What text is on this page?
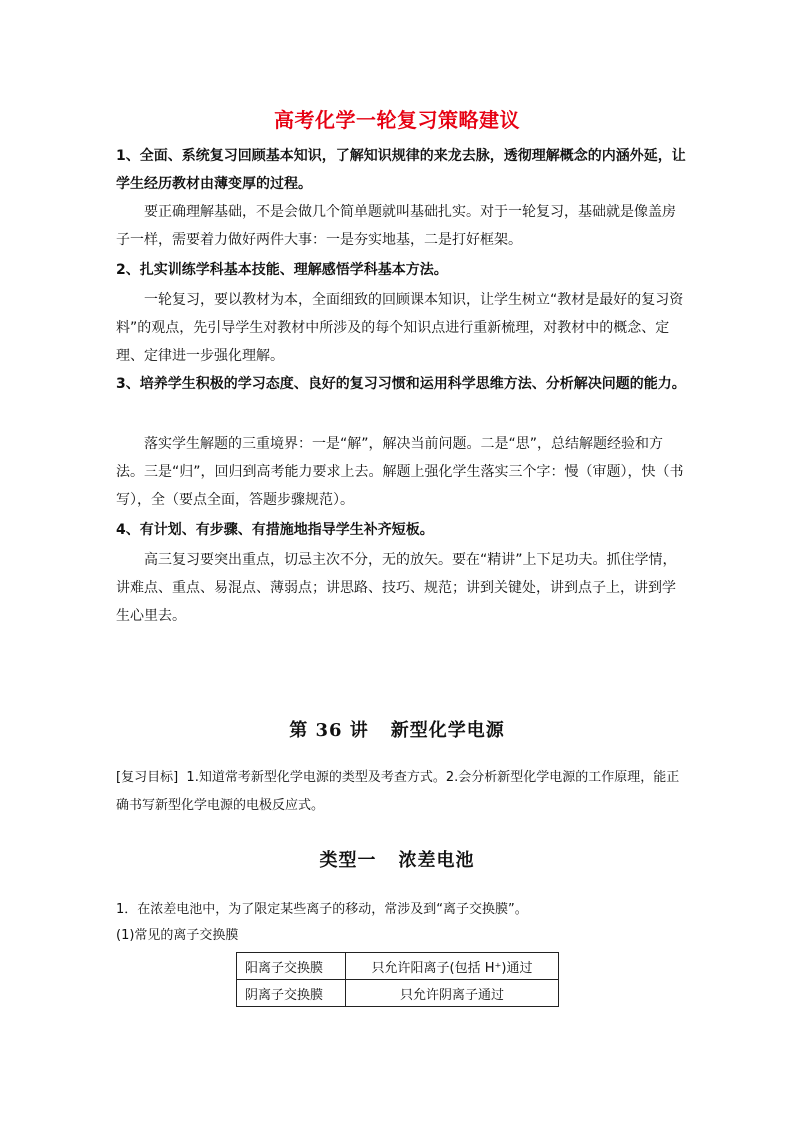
高考化学一轮复习策略建议
1、全面、系统复习回顾基本知识，了解知识规律的来龙去脉，透彻理解概念的内涵外延，让学生经历教材由薄变厚的过程。
要正确理解基础，不是会做几个简单题就叫基础扎实。对于一轮复习，基础就是像盖房子一样，需要着力做好两件大事：一是夯实地基，二是打好框架。
2、扎实训练学科基本技能、理解感悟学科基本方法。
一轮复习，要以教材为本，全面细致的回顾课本知识，让学生树立“教材是最好的复习资料”的观点，先引导学生对教材中所涉及的每个知识点进行重新梳理，对教材中的概念、定理、定律进一步强化理解。
3、培养学生积极的学习态度、良好的复习习惯和运用科学思维方法、分析解决问题的能力。
落实学生解题的三重境界：一是“解”，解决当前问题。二是“思”，总结解题经验和方法。三是“归”，回归到高考能力要求上去。解题上强化学生落实三个字：慢（审题），快（书写），全（要点全面，答题步骤规范）。
4、有计划、有步骤、有措施地指导学生补齐短板。
高三复习要突出重点，切忌主次不分，无的放矢。要在“精讲”上下足功夫。抓住学情，讲难点、重点、易混点、薄弱点；讲思路、技巧、规范；讲到关键处，讲到点子上，讲到学生心里去。
第 36 讲 新型化学电源
[复习目标] 1.知道常考新型化学电源的类型及考查方式。2.会分析新型化学电源的工作原理，能正确书写新型化学电源的电极反应式。
类型一 浓差电池
1．在浓差电池中，为了限定某些离子的移动，常涉及到“离子交换膜”。
(1)常见的离子交换膜
阳离子交换膜	只允许阳离子(包括 H⁺)通过
阴离子交换膜	只允许阴离子通过
